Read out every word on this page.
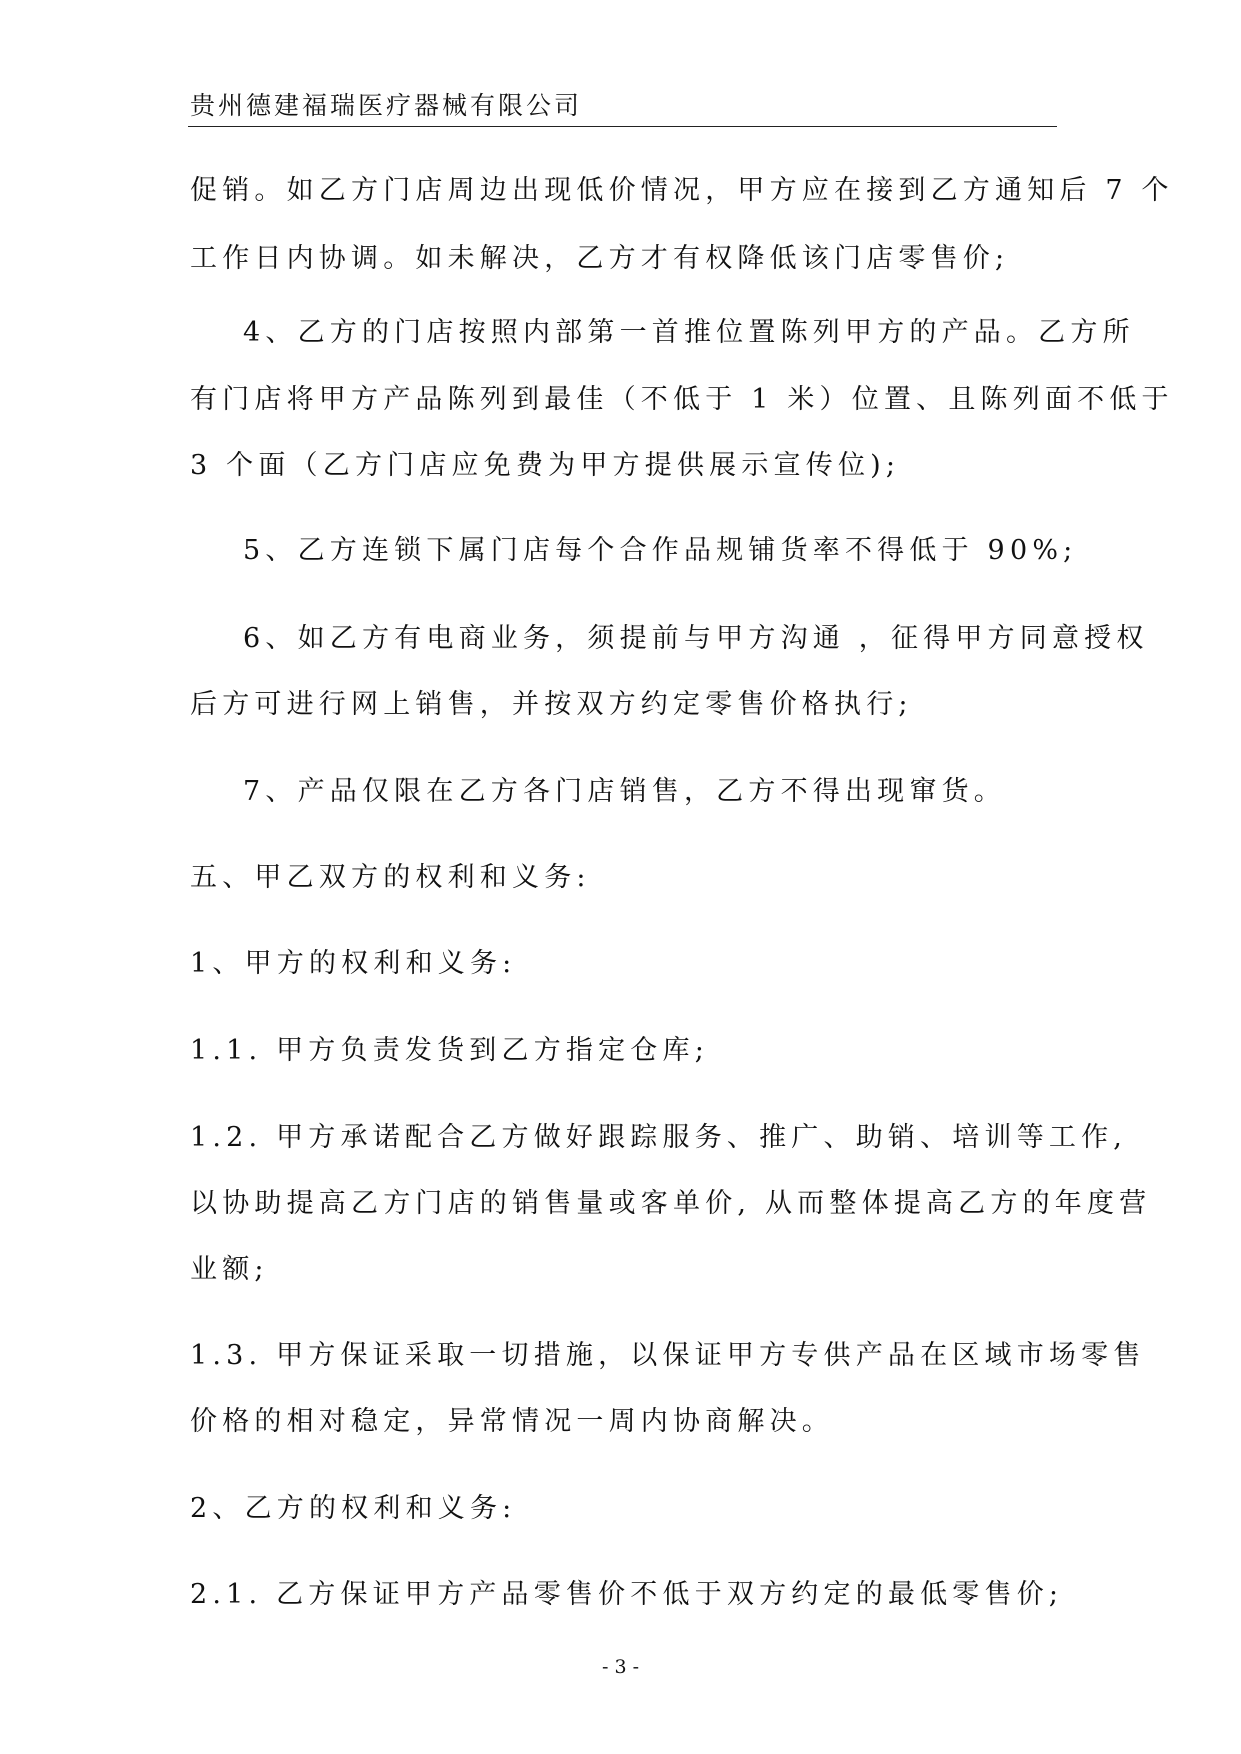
贵州德建福瑞医疗器械有限公司
促销。如乙方门店周边出现低价情况，甲方应在接到乙方通知后 7 个
工作日内协调。如未解决，乙方才有权降低该门店零售价;
4、乙方的门店按照内部第一首推位置陈列甲方的产品。乙方所
有门店将甲方产品陈列到最佳（不低于 1 米）位置、且陈列面不低于
3 个面（乙方门店应免费为甲方提供展示宣传位);
5、乙方连锁下属门店每个合作品规铺货率不得低于 90%;
6、如乙方有电商业务，须提前与甲方沟通 ，征得甲方同意授权
后方可进行网上销售，并按双方约定零售价格执行;
7、产品仅限在乙方各门店销售，乙方不得出现窜货。
五、甲乙双方的权利和义务:
1、甲方的权利和义务:
1.1. 甲方负责发货到乙方指定仓库;
1.2. 甲方承诺配合乙方做好跟踪服务、推广、助销、培训等工作,
以协助提高乙方门店的销售量或客单价, 从而整体提高乙方的年度营
业额;
1.3. 甲方保证采取一切措施，以保证甲方专供产品在区域市场零售
价格的相对稳定，异常情况一周内协商解决。
2、乙方的权利和义务:
2.1. 乙方保证甲方产品零售价不低于双方约定的最低零售价;
- 3 -
